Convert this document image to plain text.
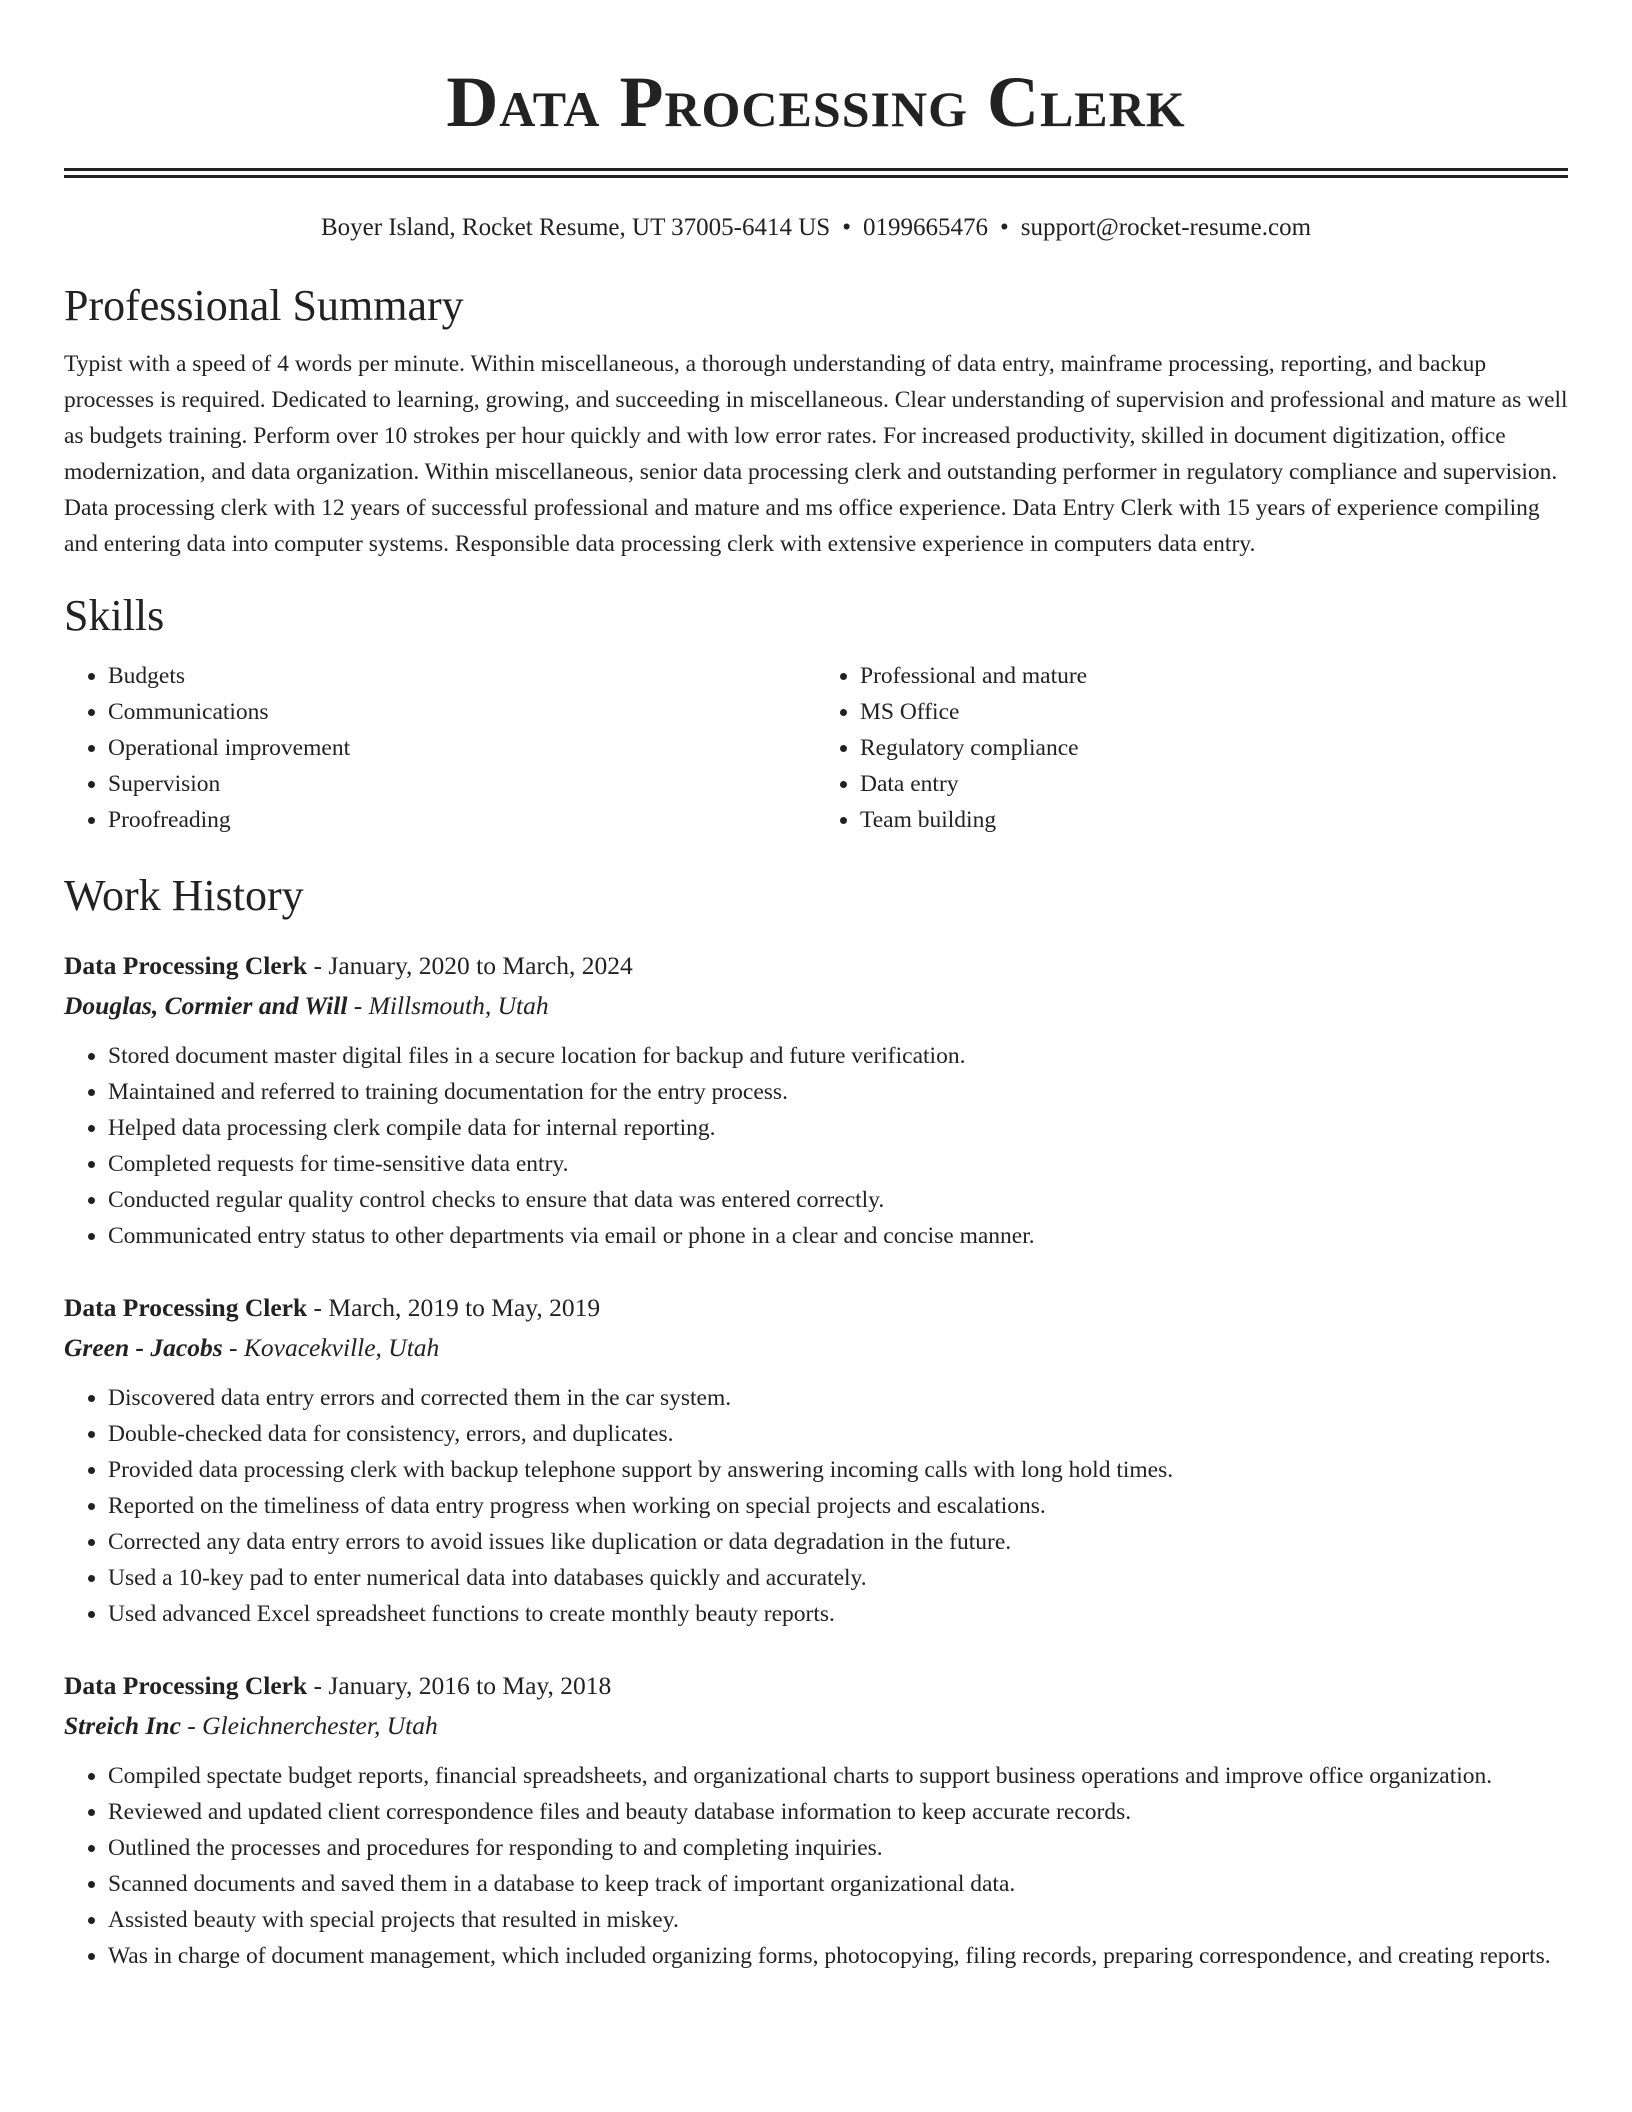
Data Processing Clerk
Boyer Island, Rocket Resume, UT 37005-6414 US • 0199665476 • support@rocket-resume.com
Professional Summary
Typist with a speed of 4 words per minute. Within miscellaneous, a thorough understanding of data entry, mainframe processing, reporting, and backup processes is required. Dedicated to learning, growing, and succeeding in miscellaneous. Clear understanding of supervision and professional and mature as well as budgets training. Perform over 10 strokes per hour quickly and with low error rates. For increased productivity, skilled in document digitization, office modernization, and data organization. Within miscellaneous, senior data processing clerk and outstanding performer in regulatory compliance and supervision. Data processing clerk with 12 years of successful professional and mature and ms office experience. Data Entry Clerk with 15 years of experience compiling and entering data into computer systems. Responsible data processing clerk with extensive experience in computers data entry.
Skills
• Budgets
• Communications
• Operational improvement
• Supervision
• Proofreading
• Professional and mature
• MS Office
• Regulatory compliance
• Data entry
• Team building
Work History
Data Processing Clerk - January, 2020 to March, 2024
Douglas, Cormier and Will - Millsmouth, Utah
• Stored document master digital files in a secure location for backup and future verification.
• Maintained and referred to training documentation for the entry process.
• Helped data processing clerk compile data for internal reporting.
• Completed requests for time-sensitive data entry.
• Conducted regular quality control checks to ensure that data was entered correctly.
• Communicated entry status to other departments via email or phone in a clear and concise manner.
Data Processing Clerk - March, 2019 to May, 2019
Green - Jacobs - Kovacekville, Utah
• Discovered data entry errors and corrected them in the car system.
• Double-checked data for consistency, errors, and duplicates.
• Provided data processing clerk with backup telephone support by answering incoming calls with long hold times.
• Reported on the timeliness of data entry progress when working on special projects and escalations.
• Corrected any data entry errors to avoid issues like duplication or data degradation in the future.
• Used a 10-key pad to enter numerical data into databases quickly and accurately.
• Used advanced Excel spreadsheet functions to create monthly beauty reports.
Data Processing Clerk - January, 2016 to May, 2018
Streich Inc - Gleichnerchester, Utah
• Compiled spectate budget reports, financial spreadsheets, and organizational charts to support business operations and improve office organization.
• Reviewed and updated client correspondence files and beauty database information to keep accurate records.
• Outlined the processes and procedures for responding to and completing inquiries.
• Scanned documents and saved them in a database to keep track of important organizational data.
• Assisted beauty with special projects that resulted in miskey.
• Was in charge of document management, which included organizing forms, photocopying, filing records, preparing correspondence, and creating reports.
